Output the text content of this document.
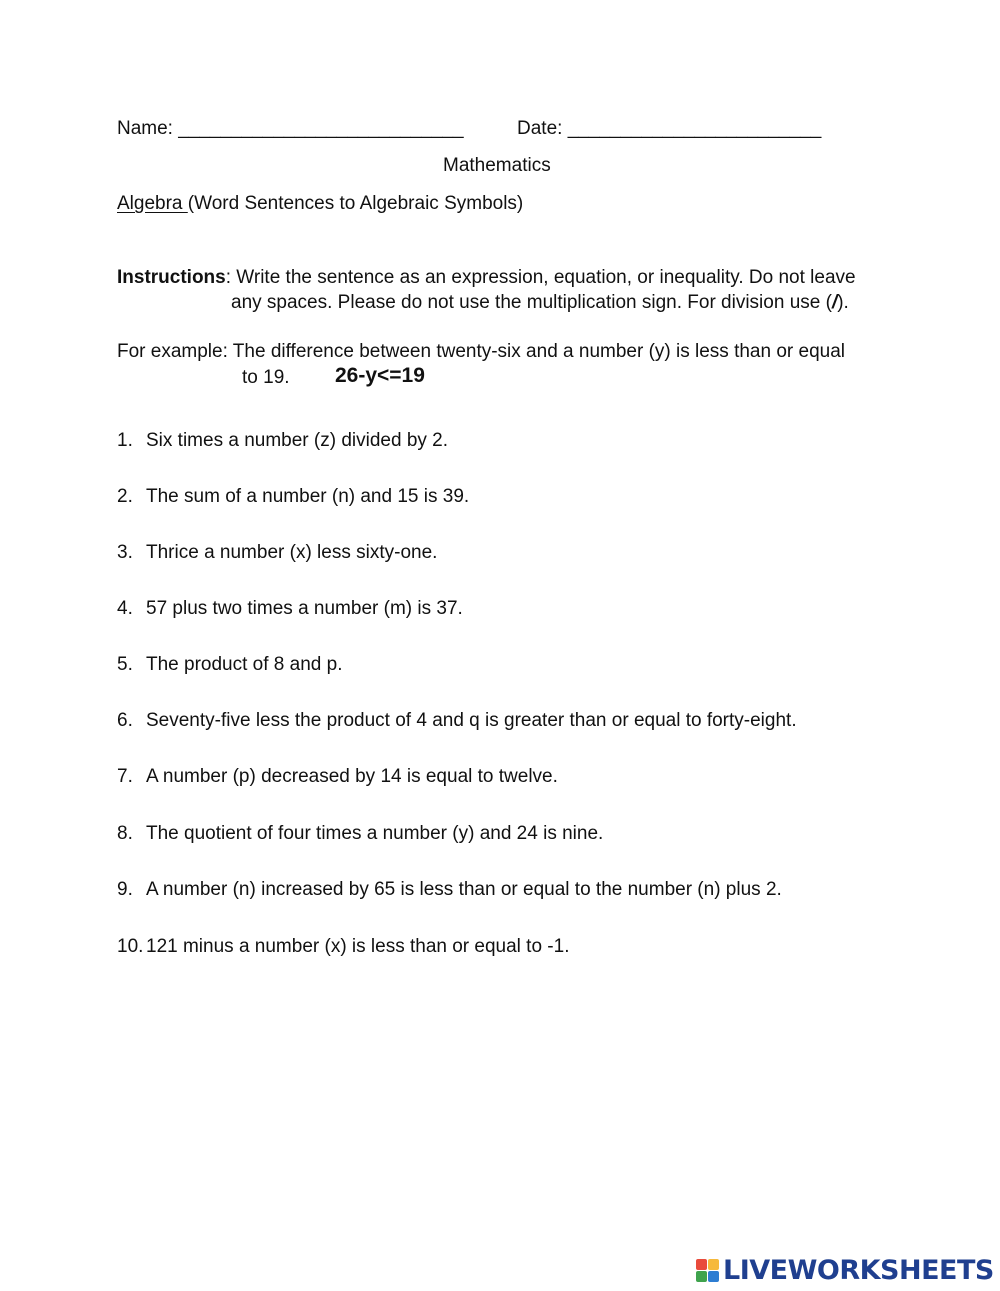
Name: ___________________________	Date: ________________________
Mathematics
Algebra (Word Sentences to Algebraic Symbols)
Instructions: Write the sentence as an expression, equation, or inequality. Do not leave
any spaces. Please do not use the multiplication sign. For division use (/).
For example: The difference between twenty-six and a number (y) is less than or equal
to 19. 26-y<=19
1. Six times a number (z) divided by 2.
2. The sum of a number (n) and 15 is 39.
3. Thrice a number (x) less sixty-one.
4. 57 plus two times a number (m) is 37.
5. The product of 8 and p.
6. Seventy-five less the product of 4 and q is greater than or equal to forty-eight.
7. A number (p) decreased by 14 is equal to twelve.
8. The quotient of four times a number (y) and 24 is nine.
9. A number (n) increased by 65 is less than or equal to the number (n) plus 2.
10. 121 minus a number (x) is less than or equal to -1.
LIVEWORKSHEETS
